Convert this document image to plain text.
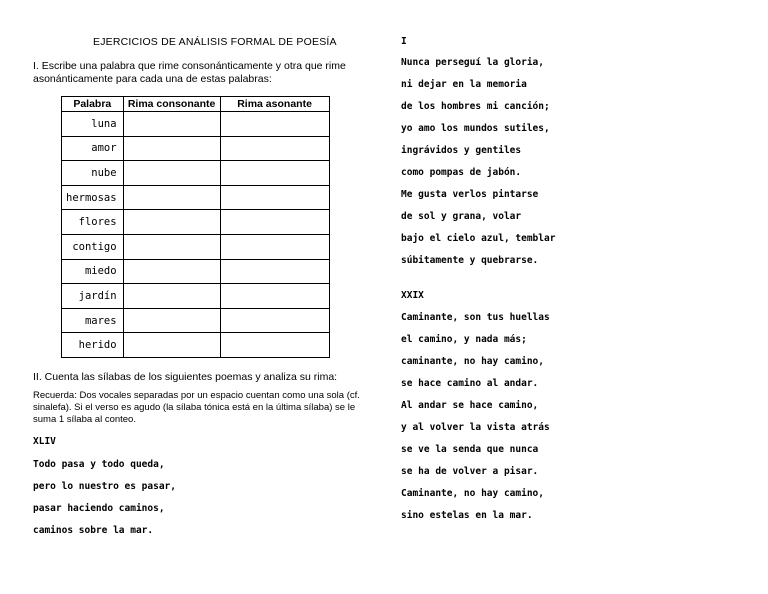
EJERCICIOS DE ANÁLISIS FORMAL DE POESÍA
I. Escribe una palabra que rime consonánticamente y otra que rime asonánticamente para cada una de estas palabras:
Palabra	Rima consonante	Rima asonante
luna		
amor		
nube		
hermosas		
flores		
contigo		
miedo		
jardín		
mares		
herido		
II. Cuenta las sílabas de los siguientes poemas y analiza su rima:
Recuerda: Dos vocales separadas por un espacio cuentan como una sola (cf. sinalefa). Si el verso es agudo (la sílaba tónica está en la última sílaba) se le suma 1 sílaba al conteo.
XLIV
Todo pasa y todo queda,
pero lo nuestro es pasar,
pasar haciendo caminos,
caminos sobre la mar.
I
Nunca perseguí la gloria,
ni dejar en la memoria
de los hombres mi canción;
yo amo los mundos sutiles,
ingrávidos y gentiles
como pompas de jabón.
Me gusta verlos pintarse
de sol y grana, volar
bajo el cielo azul, temblar
súbitamente y quebrarse.
XXIX
Caminante, son tus huellas
el camino, y nada más;
caminante, no hay camino,
se hace camino al andar.
Al andar se hace camino,
y al volver la vista atrás
se ve la senda que nunca
se ha de volver a pisar.
Caminante, no hay camino,
sino estelas en la mar.
